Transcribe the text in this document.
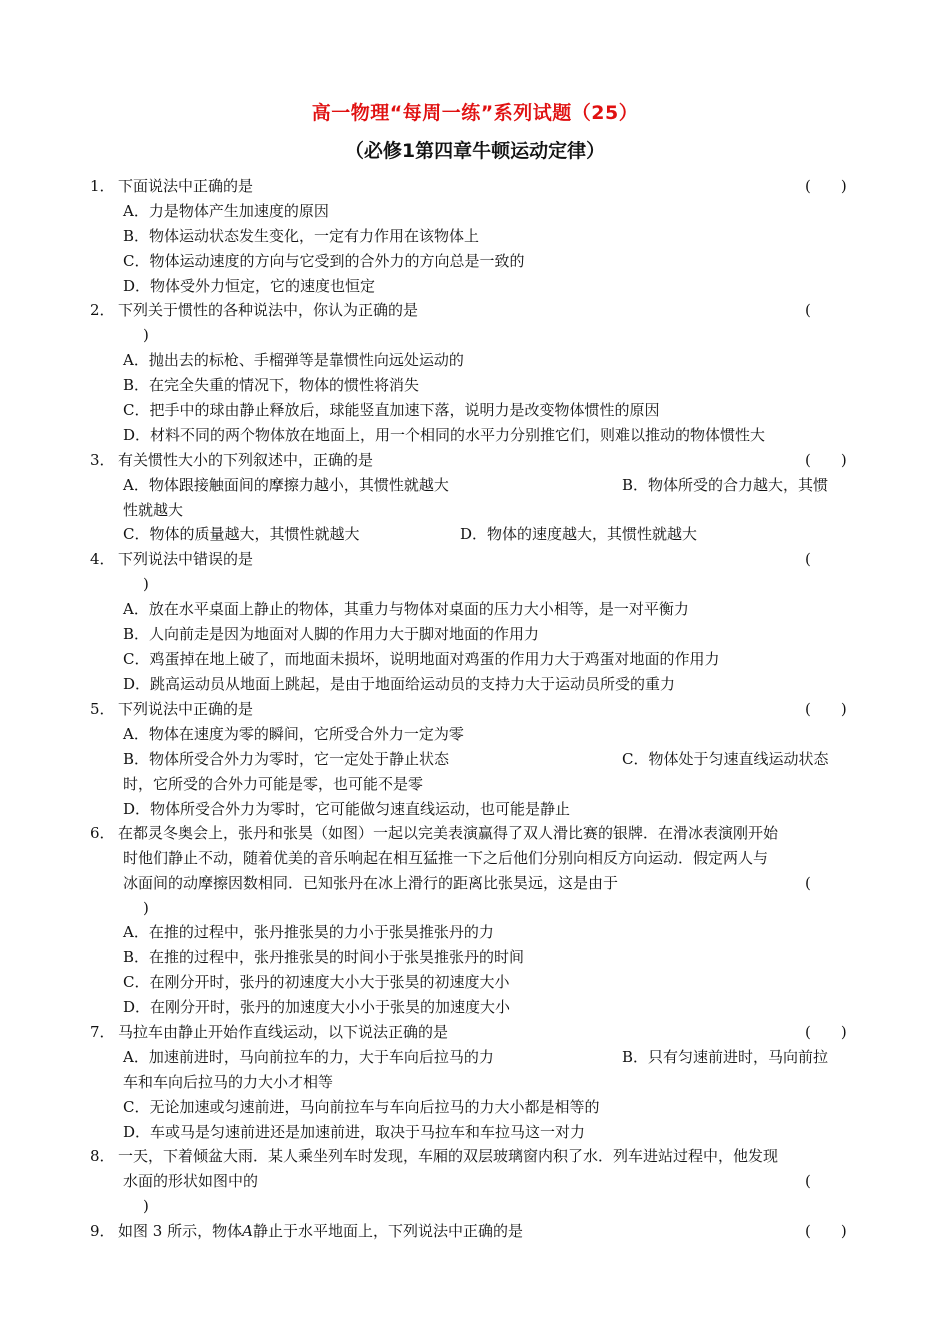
高一物理“每周一练”系列试题（25）
（必修1第四章牛顿运动定律）
1． 下面说法中正确的是	(　　)
A．力是物体产生加速度的原因
B．物体运动状态发生变化，一定有力作用在该物体上
C．物体运动速度的方向与它受到的合外力的方向总是一致的
D．物体受外力恒定，它的速度也恒定
2． 下列关于惯性的各种说法中，你认为正确的是	(
)
A．抛出去的标枪、手榴弹等是靠惯性向远处运动的
B．在完全失重的情况下，物体的惯性将消失
C．把手中的球由静止释放后，球能竖直加速下落，说明力是改变物体惯性的原因
D．材料不同的两个物体放在地面上，用一个相同的水平力分别推它们，则难以推动的物体惯性大
3． 有关惯性大小的下列叙述中，正确的是	(　　)
A．物体跟接触面间的摩擦力越小，其惯性就越大	B．物体所受的合力越大，其惯
性就越大
C．物体的质量越大，其惯性就越大	D．物体的速度越大，其惯性就越大
4． 下列说法中错误的是	(
)
A．放在水平桌面上静止的物体，其重力与物体对桌面的压力大小相等，是一对平衡力
B．人向前走是因为地面对人脚的作用力大于脚对地面的作用力
C．鸡蛋掉在地上破了，而地面未损坏，说明地面对鸡蛋的作用力大于鸡蛋对地面的作用力
D．跳高运动员从地面上跳起，是由于地面给运动员的支持力大于运动员所受的重力
5． 下列说法中正确的是	(　　)
A．物体在速度为零的瞬间，它所受合外力一定为零
B．物体所受合外力为零时，它一定处于静止状态	C．物体处于匀速直线运动状态
时，它所受的合外力可能是零，也可能不是零
D．物体所受合外力为零时，它可能做匀速直线运动，也可能是静止
6． 在都灵冬奥会上，张丹和张昊（如图）一起以完美表演赢得了双人滑比赛的银牌．在滑冰表演刚开始
时他们静止不动，随着优美的音乐响起在相互猛推一下之后他们分别向相反方向运动．假定两人与
冰面间的动摩擦因数相同．已知张丹在冰上滑行的距离比张昊远，这是由于	(
)
A．在推的过程中，张丹推张昊的力小于张昊推张丹的力
B．在推的过程中，张丹推张昊的时间小于张昊推张丹的时间
C．在刚分开时，张丹的初速度大小大于张昊的初速度大小
D．在刚分开时，张丹的加速度大小小于张昊的加速度大小
7． 马拉车由静止开始作直线运动，以下说法正确的是	(　　)
A．加速前进时，马向前拉车的力，大于车向后拉马的力	B．只有匀速前进时，马向前拉
车和车向后拉马的力大小才相等
C．无论加速或匀速前进，马向前拉车与车向后拉马的力大小都是相等的
D．车或马是匀速前进还是加速前进，取决于马拉车和车拉马这一对力
8． 一天，下着倾盆大雨．某人乘坐列车时发现，车厢的双层玻璃窗内积了水．列车进站过程中，他发现
水面的形状如图中的	(
)
9． 如图 3 所示，物体A静止于水平地面上，下列说法中正确的是	(　　)
